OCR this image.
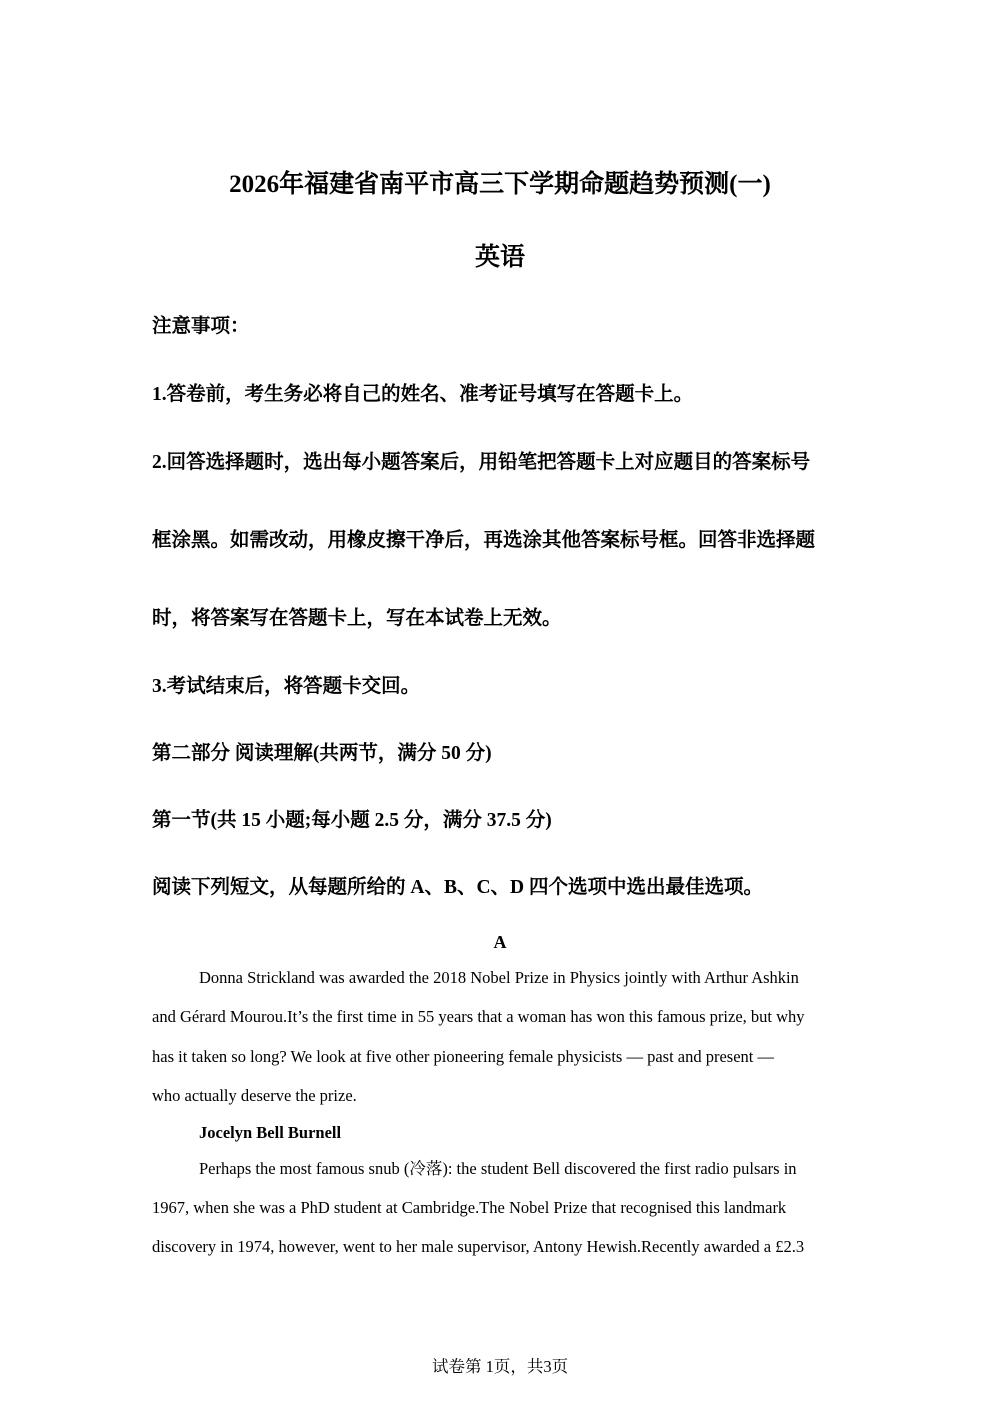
2026年福建省南平市高三下学期命题趋势预测(一)
英语
注意事项：
1.答卷前，考生务必将自己的姓名、准考证号填写在答题卡上。
2.回答选择题时，选出每小题答案后，用铅笔把答题卡上对应题目的答案标号
框涂黑。如需改动，用橡皮擦干净后，再选涂其他答案标号框。回答非选择题
时，将答案写在答题卡上，写在本试卷上无效。
3.考试结束后，将答题卡交回。
第二部分 阅读理解(共两节，满分 50 分)
第一节(共 15 小题;每小题 2.5 分，满分 37.5 分)
阅读下列短文，从每题所给的 A、B、C、D 四个选项中选出最佳选项。
A
Donna Strickland was awarded the 2018 Nobel Prize in Physics jointly with Arthur Ashkin
and Gérard Mourou.It’s the first time in 55 years that a woman has won this famous prize, but why
has it taken so long? We look at five other pioneering female physicists — past and present —
who actually deserve the prize.
Jocelyn Bell Burnell
Perhaps the most famous snub (冷落): the student Bell discovered the first radio pulsars in
1967, when she was a PhD student at Cambridge.The Nobel Prize that recognised this landmark
discovery in 1974, however, went to her male supervisor, Antony Hewish.Recently awarded a £2.3
试卷第 1页，共3页
